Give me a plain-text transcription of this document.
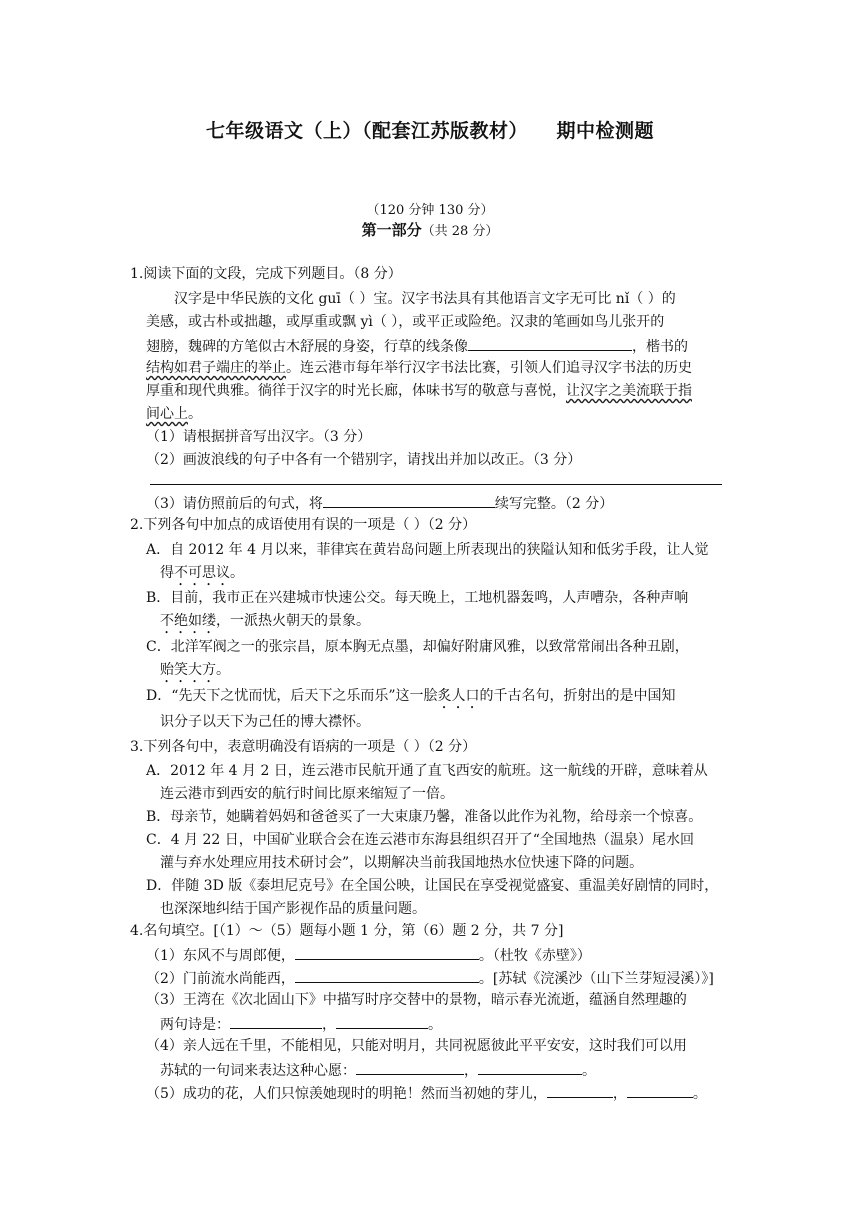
七年级语文（上）（配套江苏版教材）    期中检测题
（120 分钟 130 分）
第一部分（共 28 分）
1.阅读下面的文段，完成下列题目。（8 分）
汉字是中华民族的文化 guī（ ）宝。汉字书法具有其他语言文字无可比 nǐ（ ）的
美感，或古朴或拙趣，或厚重或飘 yì（ ），或平正或险绝。汉隶的笔画如鸟儿张开的
翅膀，魏碑的方笔似古木舒展的身姿，行草的线条像	，楷书的
结构如君子端庄的举止。连云港市每年举行汉字书法比赛，引领人们追寻汉字书法的历史
厚重和现代典雅。徜徉于汉字的时光长廊，体味书写的敬意与喜悦，让汉字之美流联于指
间心上。
（1）请根据拼音写出汉字。（3 分）
（2）画波浪线的句子中各有一个错别字，请找出并加以改正。（3 分）
（3）请仿照前后的句式，将	续写完整。（2 分）
2.下列各句中加点的成语使用有误的一项是（ ）（2 分）
A．自 2012 年 4 月以来，菲律宾在黄岩岛问题上所表现出的狭隘认知和低劣手段，让人觉
得不可思议。
B．目前，我市正在兴建城市快速公交。每天晚上，工地机器轰鸣，人声嘈杂，各种声响
不绝如缕，一派热火朝天的景象。
C．北洋军阀之一的张宗昌，原本胸无点墨，却偏好附庸风雅，以致常常闹出各种丑剧，
贻笑大方。
D．“先天下之忧而忧，后天下之乐而乐”这一脍炙人口的千古名句，折射出的是中国知
识分子以天下为己任的博大襟怀。
3.下列各句中，表意明确没有语病的一项是（ ）（2 分）
A．2012 年 4 月 2 日，连云港市民航开通了直飞西安的航班。这一航线的开辟，意味着从
连云港市到西安的航行时间比原来缩短了一倍。
B．母亲节，她瞒着妈妈和爸爸买了一大束康乃馨，准备以此作为礼物，给母亲一个惊喜。
C．4 月 22 日，中国矿业联合会在连云港市东海县组织召开了“全国地热（温泉）尾水回
灌与弃水处理应用技术研讨会”，以期解决当前我国地热水位快速下降的问题。
D．伴随 3D 版《泰坦尼克号》在全国公映，让国民在享受视觉盛宴、重温美好剧情的同时，
也深深地纠结于国产影视作品的质量问题。
4.名句填空。[（1）～（5）题每小题 1 分，第（6）题 2 分，共 7 分]
（1）东风不与周郎便，	。（杜牧《赤壁》）
（2）门前流水尚能西，	。[苏轼《浣溪沙（山下兰芽短浸溪）》]
（3）王湾在《次北固山下》中描写时序交替中的景物，暗示春光流逝，蕴涵自然理趣的
两句诗是：	，	。
（4）亲人远在千里，不能相见，只能对明月，共同祝愿彼此平平安安，这时我们可以用
苏轼的一句词来表达这种心愿：	，	。
（5）成功的花，人们只惊羡她现时的明艳！然而当初她的芽儿，	，	。
